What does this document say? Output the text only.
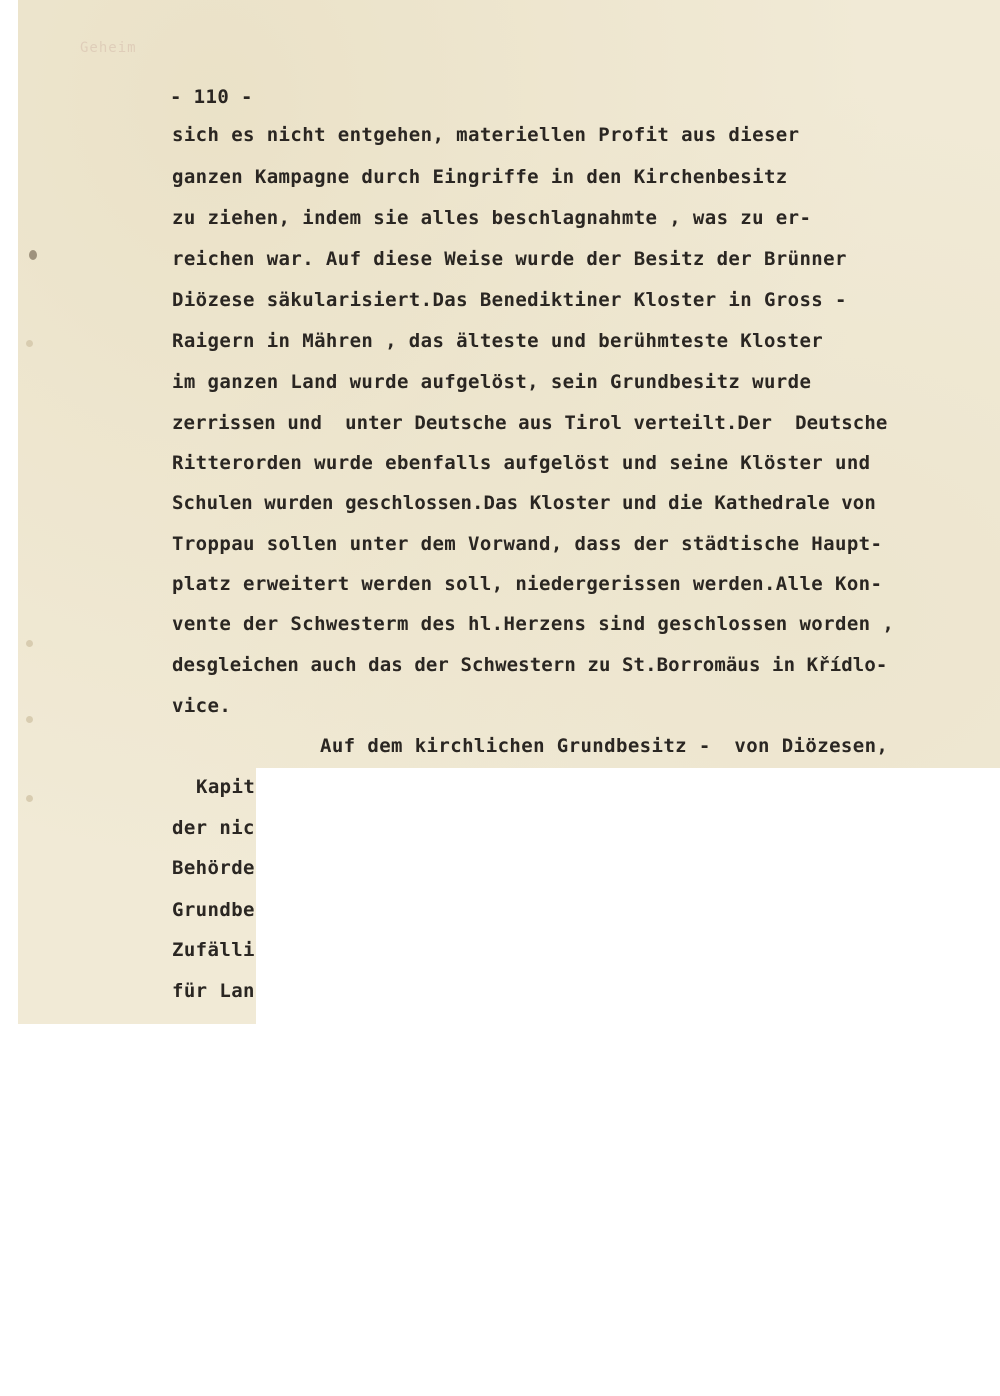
Geheim
- 110 -
sich es nicht entgehen, materiellen Profit aus dieser
ganzen Kampagne durch Eingriffe in den Kirchenbesitz
zu ziehen, indem sie alles beschlagnahmte , was zu er-
reichen war. Auf diese Weise wurde der Besitz der Brünner
Diözese säkularisiert.Das Benediktiner Kloster in Gross -
Raigern in Mähren , das älteste und berühmteste Kloster
im ganzen Land wurde aufgelöst, sein Grundbesitz wurde
zerrissen und  unter Deutsche aus Tirol verteilt.Der  Deutsche
Ritterorden wurde ebenfalls aufgelöst und seine Klöster und
Schulen wurden geschlossen.Das Kloster und die Kathedrale von
Troppau sollen unter dem Vorwand, dass der städtische Haupt-
platz erweitert werden soll, niedergerissen werden.Alle Kon-
vente der Schwesterm des hl.Herzens sind geschlossen worden ,
desgleichen auch das der Schwestern zu St.Borromäus in Křídlo-
vice.
Auf dem kirchlichen Grundbesitz -  von Diözesen,
Kapit
der nic
Behörde
Grundbe
Zufälli
für Lan
